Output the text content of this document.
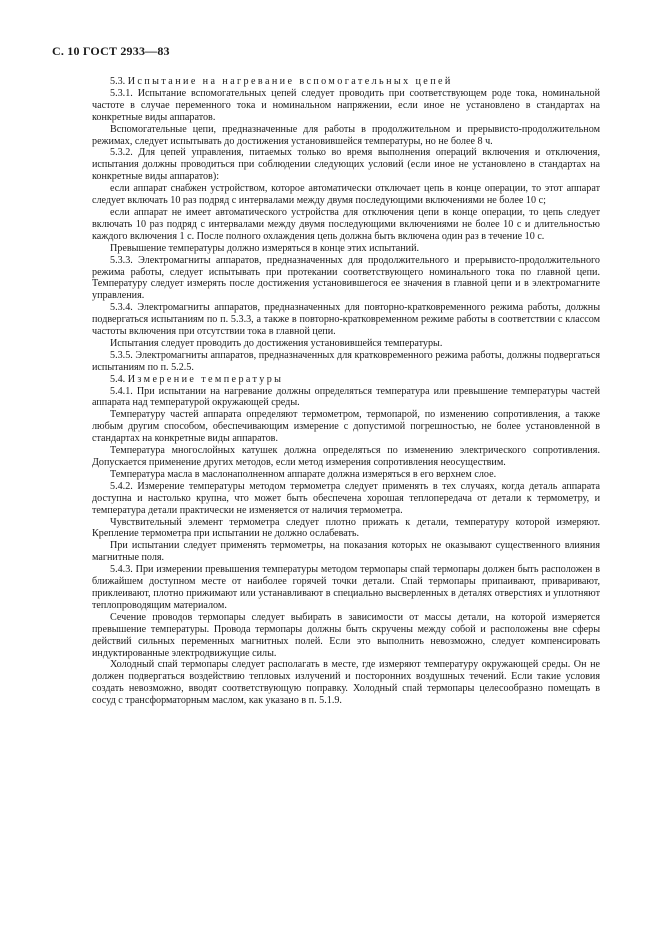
С. 10 ГОСТ 2933—83

5.3. Испытание на нагревание вспомогательных цепей

5.3.1. Испытание вспомогательных цепей следует проводить при соответствующем роде тока, номинальной частоте в случае переменного тока и номинальном напряжении, если иное не установлено в стандартах на конкретные виды аппаратов.

Вспомогательные цепи, предназначенные для работы в продолжительном и прерывисто-продолжительном режимах, следует испытывать до достижения установившейся температуры, но не более 8 ч.

5.3.2. Для цепей управления, питаемых только во время выполнения операций включения и отключения, испытания должны проводиться при соблюдении следующих условий (если иное не установлено в стандартах на конкретные виды аппаратов):

если аппарат снабжен устройством, которое автоматически отключает цепь в конце операции, то этот аппарат следует включать 10 раз подряд с интервалами между двумя последующими включениями не более 10 с;

если аппарат не имеет автоматического устройства для отключения цепи в конце операции, то цепь следует включать 10 раз подряд с интервалами между двумя последующими включениями не более 10 с и длительностью каждого включения 1 с. После полного охлаждения цепь должна быть включена один раз в течение 10 с.

Превышение температуры должно измеряться в конце этих испытаний.

5.3.3. Электромагниты аппаратов, предназначенных для продолжительного и прерывисто-продолжительного режима работы, следует испытывать при протекании соответствующего номинального тока по главной цепи. Температуру следует измерять после достижения установившегося ее значения в главной цепи и в электромагните управления.

5.3.4. Электромагниты аппаратов, предназначенных для повторно-кратковременного режима работы, должны подвергаться испытаниям по п. 5.3.3, а также в повторно-кратковременном режиме работы в соответствии с классом частоты включения при отсутствии тока в главной цепи.

Испытания следует проводить до достижения установившейся температуры.

5.3.5. Электромагниты аппаратов, предназначенных для кратковременного режима работы, должны подвергаться испытаниям по п. 5.2.5.

5.4. Измерение температуры

5.4.1. При испытании на нагревание должны определяться температура или превышение температуры частей аппарата над температурой окружающей среды.

Температуру частей аппарата определяют термометром, термопарой, по изменению сопротивления, а также любым другим способом, обеспечивающим измерение с допустимой погрешностью, не более установленной в стандартах на конкретные виды аппаратов.

Температура многослойных катушек должна определяться по изменению электрического сопротивления. Допускается применение других методов, если метод измерения сопротивления неосуществим.

Температура масла в маслонаполненном аппарате должна измеряться в его верхнем слое.

5.4.2. Измерение температуры методом термометра следует применять в тех случаях, когда деталь аппарата доступна и настолько крупна, что может быть обеспечена хорошая теплопередача от детали к термометру, и температура детали практически не изменяется от наличия термометра.

Чувствительный элемент термометра следует плотно прижать к детали, температуру которой измеряют. Крепление термометра при испытании не должно ослабевать.

При испытании следует применять термометры, на показания которых не оказывают существенного влияния магнитные поля.

5.4.3. При измерении превышения температуры методом термопары спай термопары должен быть расположен в ближайшем доступном месте от наиболее горячей точки детали. Спай термопары припаивают, приваривают, приклеивают, плотно прижимают или устанавливают в специально высверленных в деталях отверстиях и уплотняют теплопроводящим материалом.

Сечение проводов термопары следует выбирать в зависимости от массы детали, на которой измеряется превышение температуры. Провода термопары должны быть скручены между собой и расположены вне сферы действий сильных переменных магнитных полей. Если это выполнить невозможно, следует компенсировать индуктированные электродвижущие силы.

Холодный спай термопары следует располагать в месте, где измеряют температуру окружающей среды. Он не должен подвергаться воздействию тепловых излучений и посторонних воздушных течений. Если такие условия создать невозможно, вводят соответствующую поправку. Холодный спай термопары целесообразно помещать в сосуд с трансформаторным маслом, как указано в п. 5.1.9.
